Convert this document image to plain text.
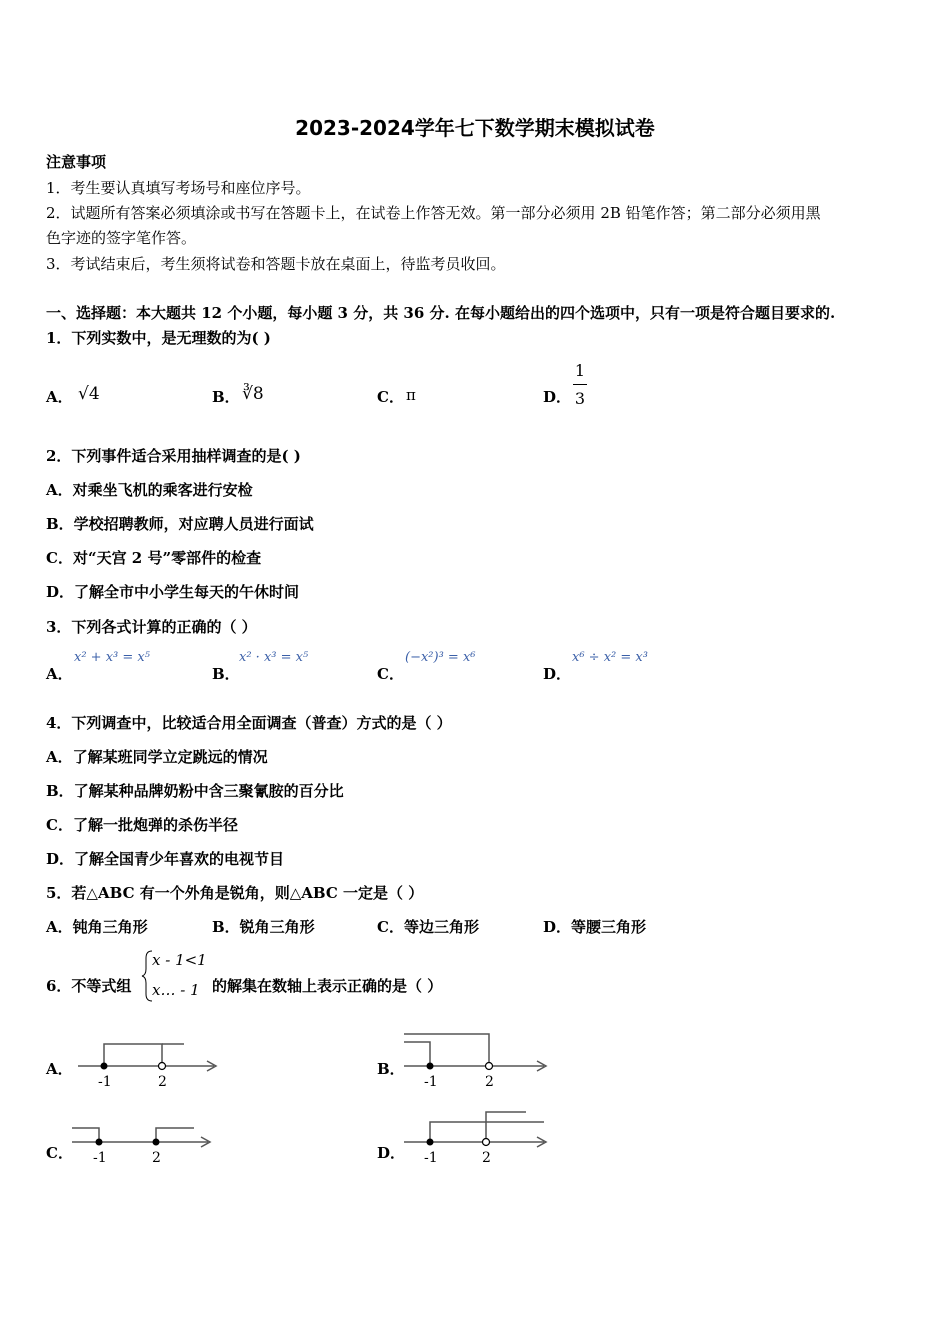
2023-2024学年七下数学期末模拟试卷
注意事项
1．考生要认真填写考场号和座位序号。
2．试题所有答案必须填涂或书写在答题卡上，在试卷上作答无效。第一部分必须用 2B 铅笔作答；第二部分必须用黑
色字迹的签字笔作答。
3．考试结束后，考生须将试卷和答题卡放在桌面上，待监考员收回。
一、选择题：本大题共 12 个小题，每小题 3 分，共 36 分. 在每小题给出的四个选项中，只有一项是符合题目要求的.
1．下列实数中，是无理数的为( )
A． √4	B． ∛8	C． π	D．
1
3
2．下列事件适合采用抽样调查的是( )
A．对乘坐飞机的乘客进行安检
B．学校招聘教师，对应聘人员进行面试
C．对“天宫 2 号”零部件的检查
D．了解全市中小学生每天的午休时间
3．下列各式计算的正确的（ ）
A．
x² + x³ = x⁵
B．
x² · x³ = x⁵
C．
(−x²)³ = x⁶
D．
x⁶ ÷ x² = x³
4．下列调查中，比较适合用全面调查（普查）方式的是（ ）
A．了解某班同学立定跳远的情况
B．了解某种品牌奶粉中含三聚氰胺的百分比
C．了解一批炮弹的杀伤半径
D．了解全国青少年喜欢的电视节目
5．若△ABC 有一个外角是锐角，则△ABC 一定是（ ）
A．钝角三角形	B．锐角三角形	C．等边三角形	D．等腰三角形
6．不等式组
x - 1<1
x… - 1 的解集在数轴上表示正确的是（ ）
A．	B．
C．	D．
-1	2	-1	2
-1	2	-1	2
